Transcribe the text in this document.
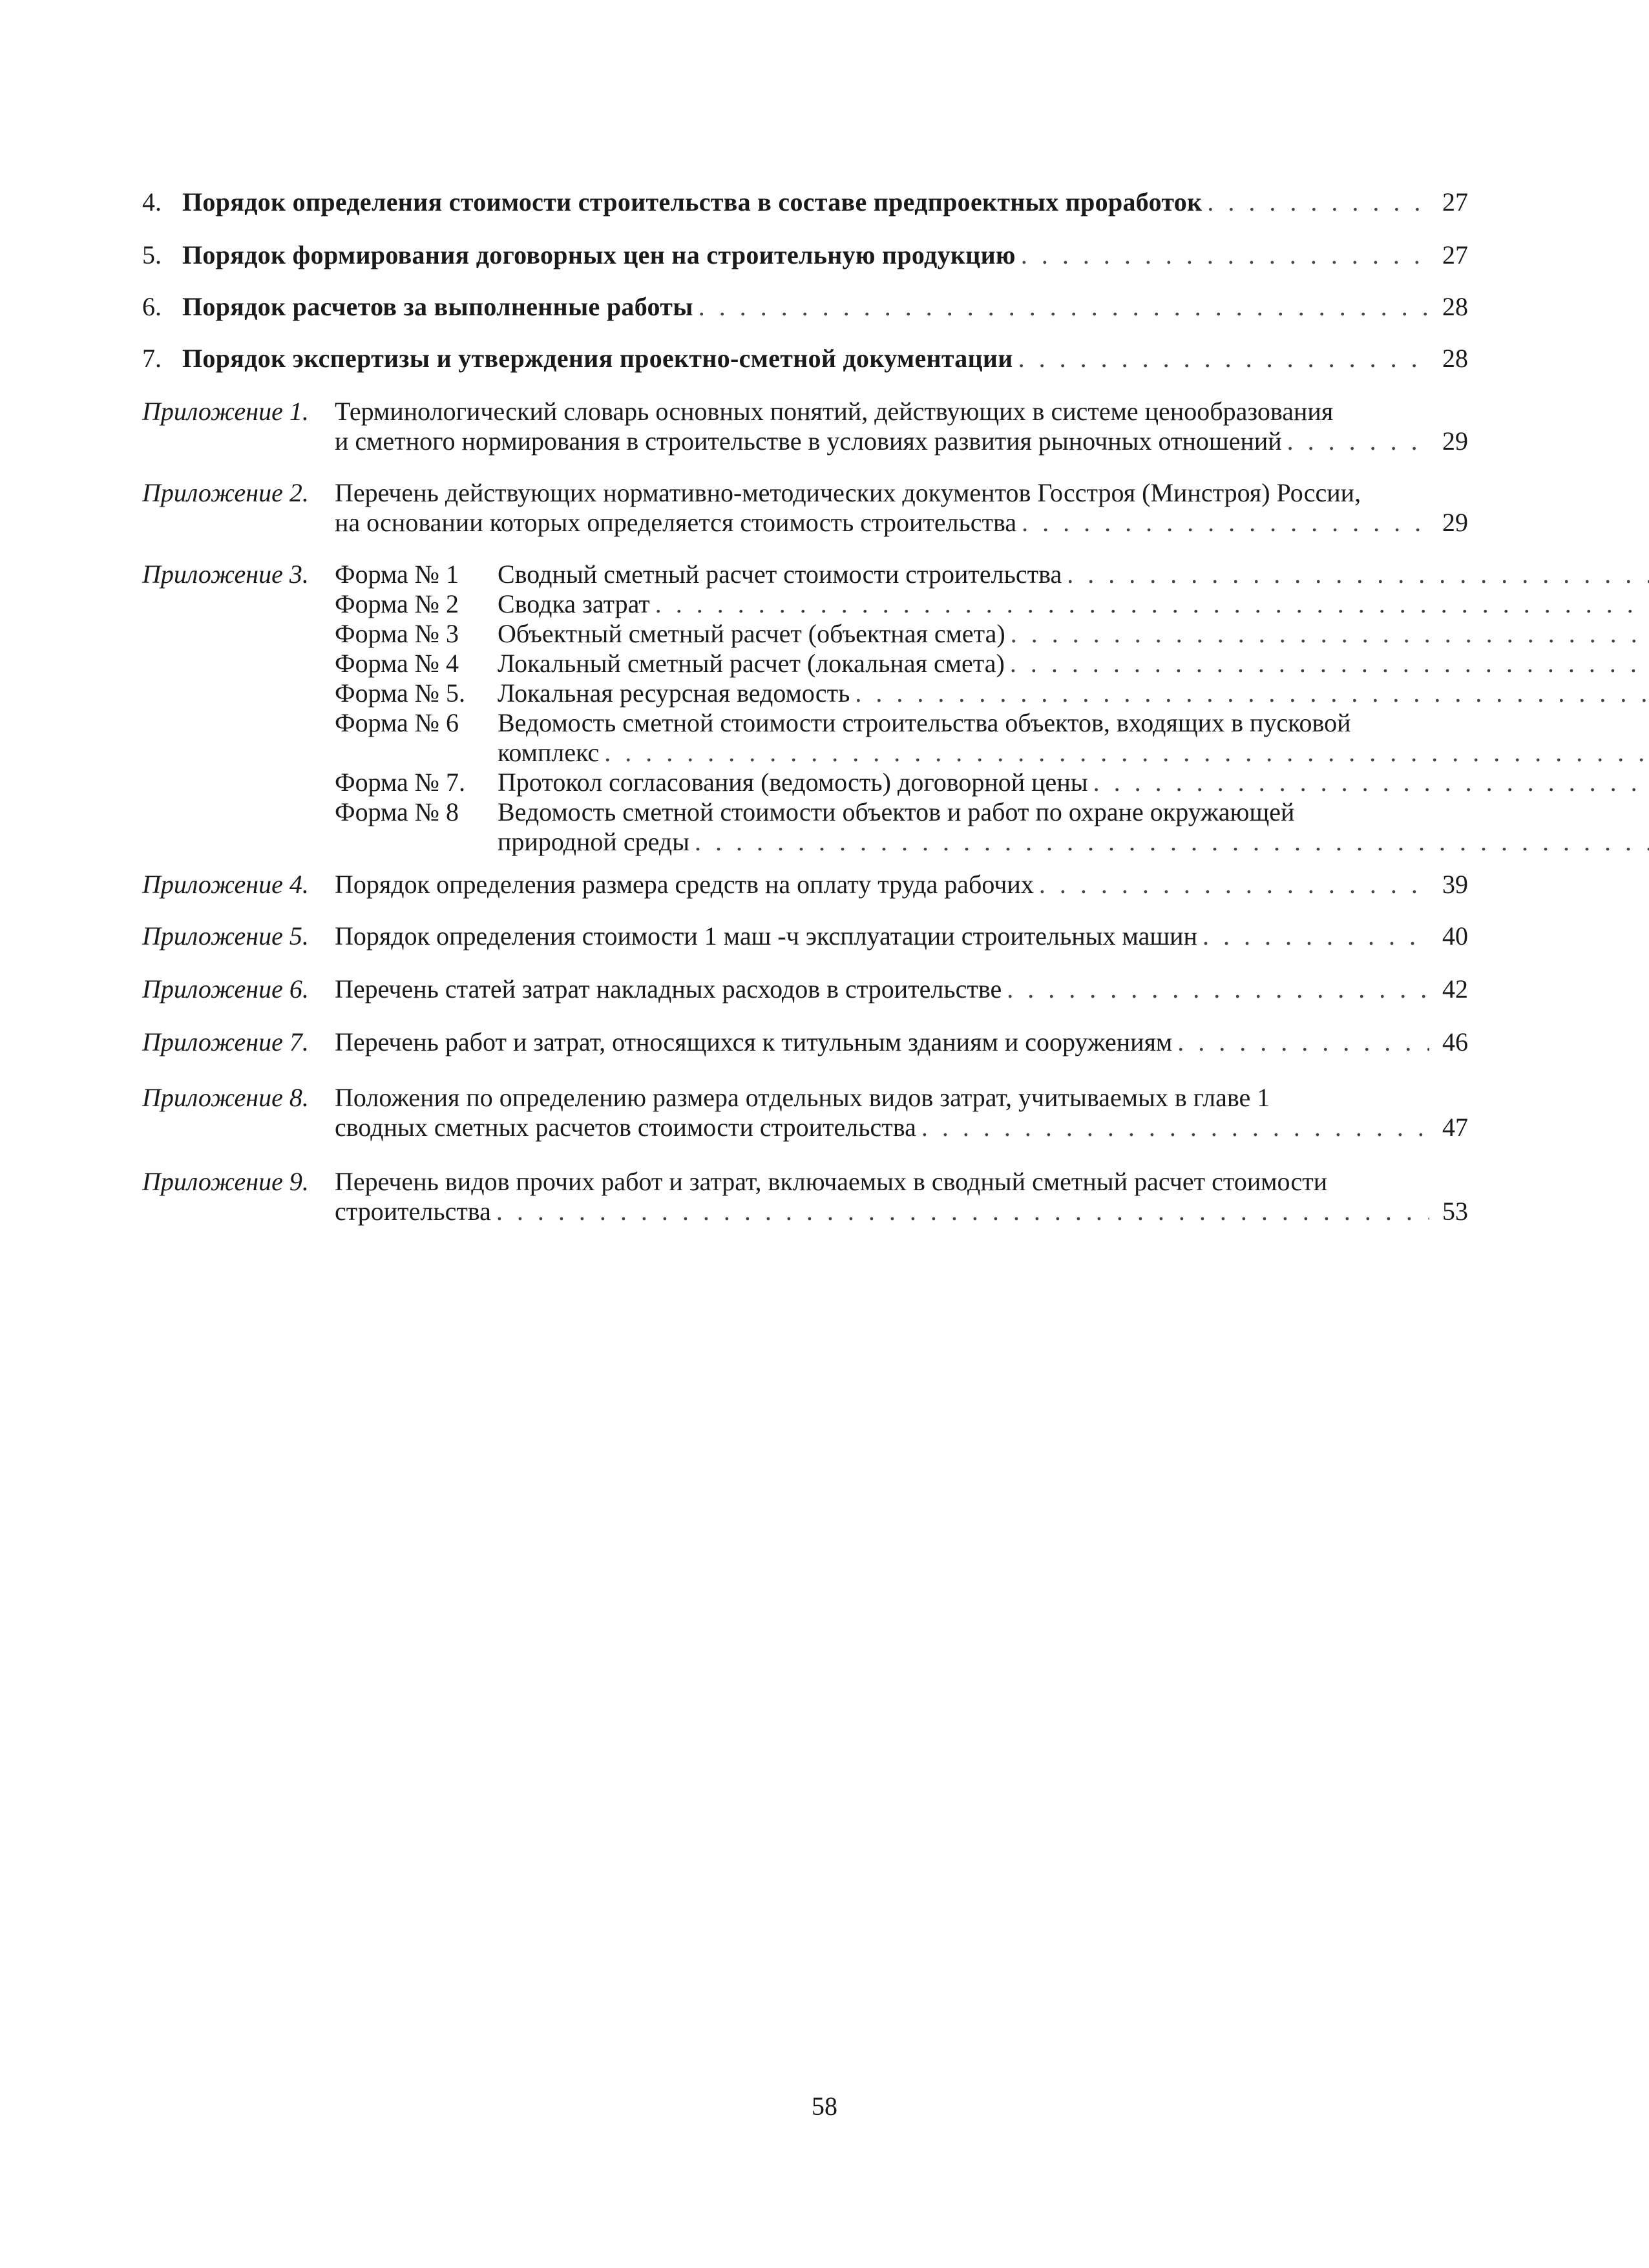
4. Порядок определения стоимости строительства в составе предпроектных проработок . . .	27
5. Порядок формирования договорных цен на строительную продукцию . . .	27
6. Порядок расчетов за выполненные работы . . .	28
7. Порядок экспертизы и утверждения проектно-сметной документации . . .	28
Приложение 1.	Терминологический словарь основных понятий, действующих в системе ценообразования
и сметного нормирования в строительстве в условиях развития рыночных отношений . . .	29
Приложение 2.	Перечень действующих нормативно-методических документов Госстроя (Минстроя) России,
на основании которых определяется стоимость строительства . . .	29
Приложение 3.	Форма № 1	Сводный сметный расчет стоимости строительства
. . .
Форма № 2	Сводка затрат
. . .
Форма № 3	Объектный сметный расчет (объектная смета)
. . .
Форма № 4	Локальный сметный расчет (локальная смета)
. . .
Форма № 5.	Локальная ресурсная ведомость
. . .
Форма № 6	Ведомость сметной стоимости строительства объектов, входящих в пусковой
комплекс
. . .
Форма № 7.	Протокол согласования (ведомость) договорной цены
. . .
Форма № 8	Ведомость сметной стоимости объектов и работ по охране окружающей
природной среды
. . .
Приложение 4.	Порядок определения размера средств на оплату труда рабочих . . .	39
Приложение 5.	Порядок определения стоимости 1 маш -ч эксплуатации строительных машин . . .	40
Приложение 6.	Перечень статей затрат накладных расходов в строительстве . . .	42
Приложение 7.	Перечень работ и затрат, относящихся к титульным зданиям и сооружениям . . .	46
Приложение 8.	Положения по определению размера отдельных видов затрат, учитываемых в главе 1
сводных сметных расчетов стоимости строительства . . .	47
Приложение 9.	Перечень видов прочих работ и затрат, включаемых в сводный сметный расчет стоимости
строительства . . .	53
58
